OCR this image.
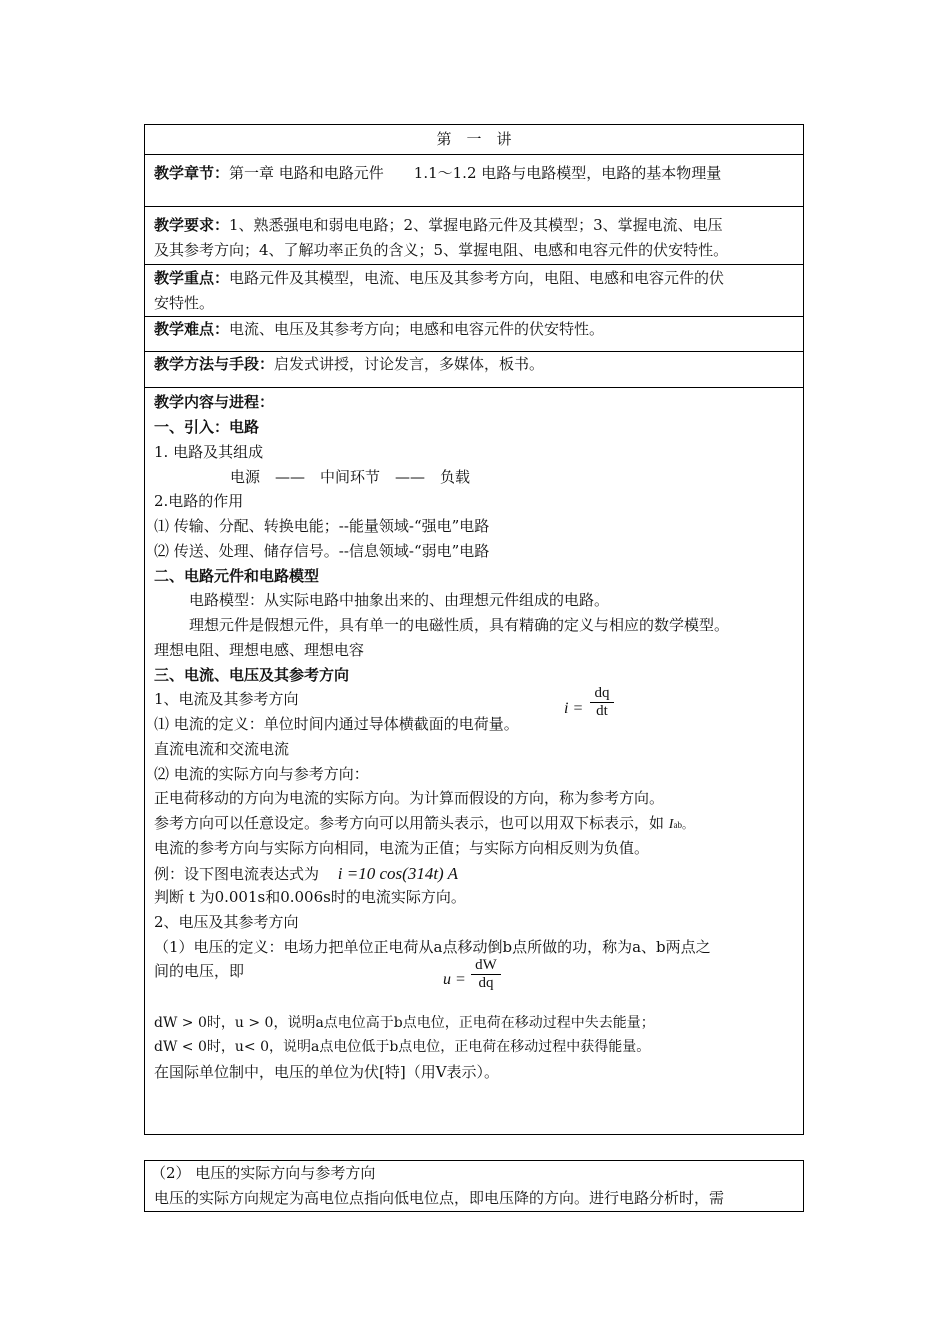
第　一　讲
教学章节：第一章 电路和电路元件　　1.1～1.2 电路与电路模型，电路的基本物理量
教学要求：1、熟悉强电和弱电电路；2、掌握电路元件及其模型；3、掌握电流、电压
及其参考方向；4、了解功率正负的含义；5、掌握电阻、电感和电容元件的伏安特性。
教学重点：电路元件及其模型，电流、电压及其参考方向，电阻、电感和电容元件的伏
安特性。
教学难点：电流、电压及其参考方向；电感和电容元件的伏安特性。
教学方法与手段：启发式讲授，讨论发言，多媒体，板书。
教学内容与进程：
一、引入：电路
1. 电路及其组成
电源　——　中间环节　——　负载
2.电路的作用
⑴ 传输、分配、转换电能；--能量领域-“强电”电路
⑵ 传送、处理、储存信号。--信息领域-“弱电”电路
二、电路元件和电路模型
电路模型：从实际电路中抽象出来的、由理想元件组成的电路。
理想元件是假想元件，具有单一的电磁性质，具有精确的定义与相应的数学模型。
理想电阻、理想电感、理想电容
三、电流、电压及其参考方向
1、电流及其参考方向
⑴ 电流的定义：单位时间内通过导体横截面的电荷量。
i =
dq
dt
直流电流和交流电流
⑵ 电流的实际方向与参考方向：
正电荷移动的方向为电流的实际方向。为计算而假设的方向，称为参考方向。
参考方向可以任意设定。参考方向可以用箭头表示，也可以用双下标表示，如 Iab。
电流的参考方向与实际方向相同，电流为正值；与实际方向相反则为负值。
例：设下图电流表达式为 i =10 cos(314t) A
判断 t 为0.001s和0.006s时的电流实际方向。
2、电压及其参考方向
（1）电压的定义：电场力把单位正电荷从a点移动倒b点所做的功，称为a、b两点之
间的电压，即	u =
dW
dq
dW > 0时，u > 0，说明a点电位高于b点电位，正电荷在移动过程中失去能量；
dW < 0时，u< 0，说明a点电位低于b点电位，正电荷在移动过程中获得能量。
在国际单位制中，电压的单位为伏[特]（用V表示）。
（2） 电压的实际方向与参考方向
电压的实际方向规定为高电位点指向低电位点，即电压降的方向。进行电路分析时，需
